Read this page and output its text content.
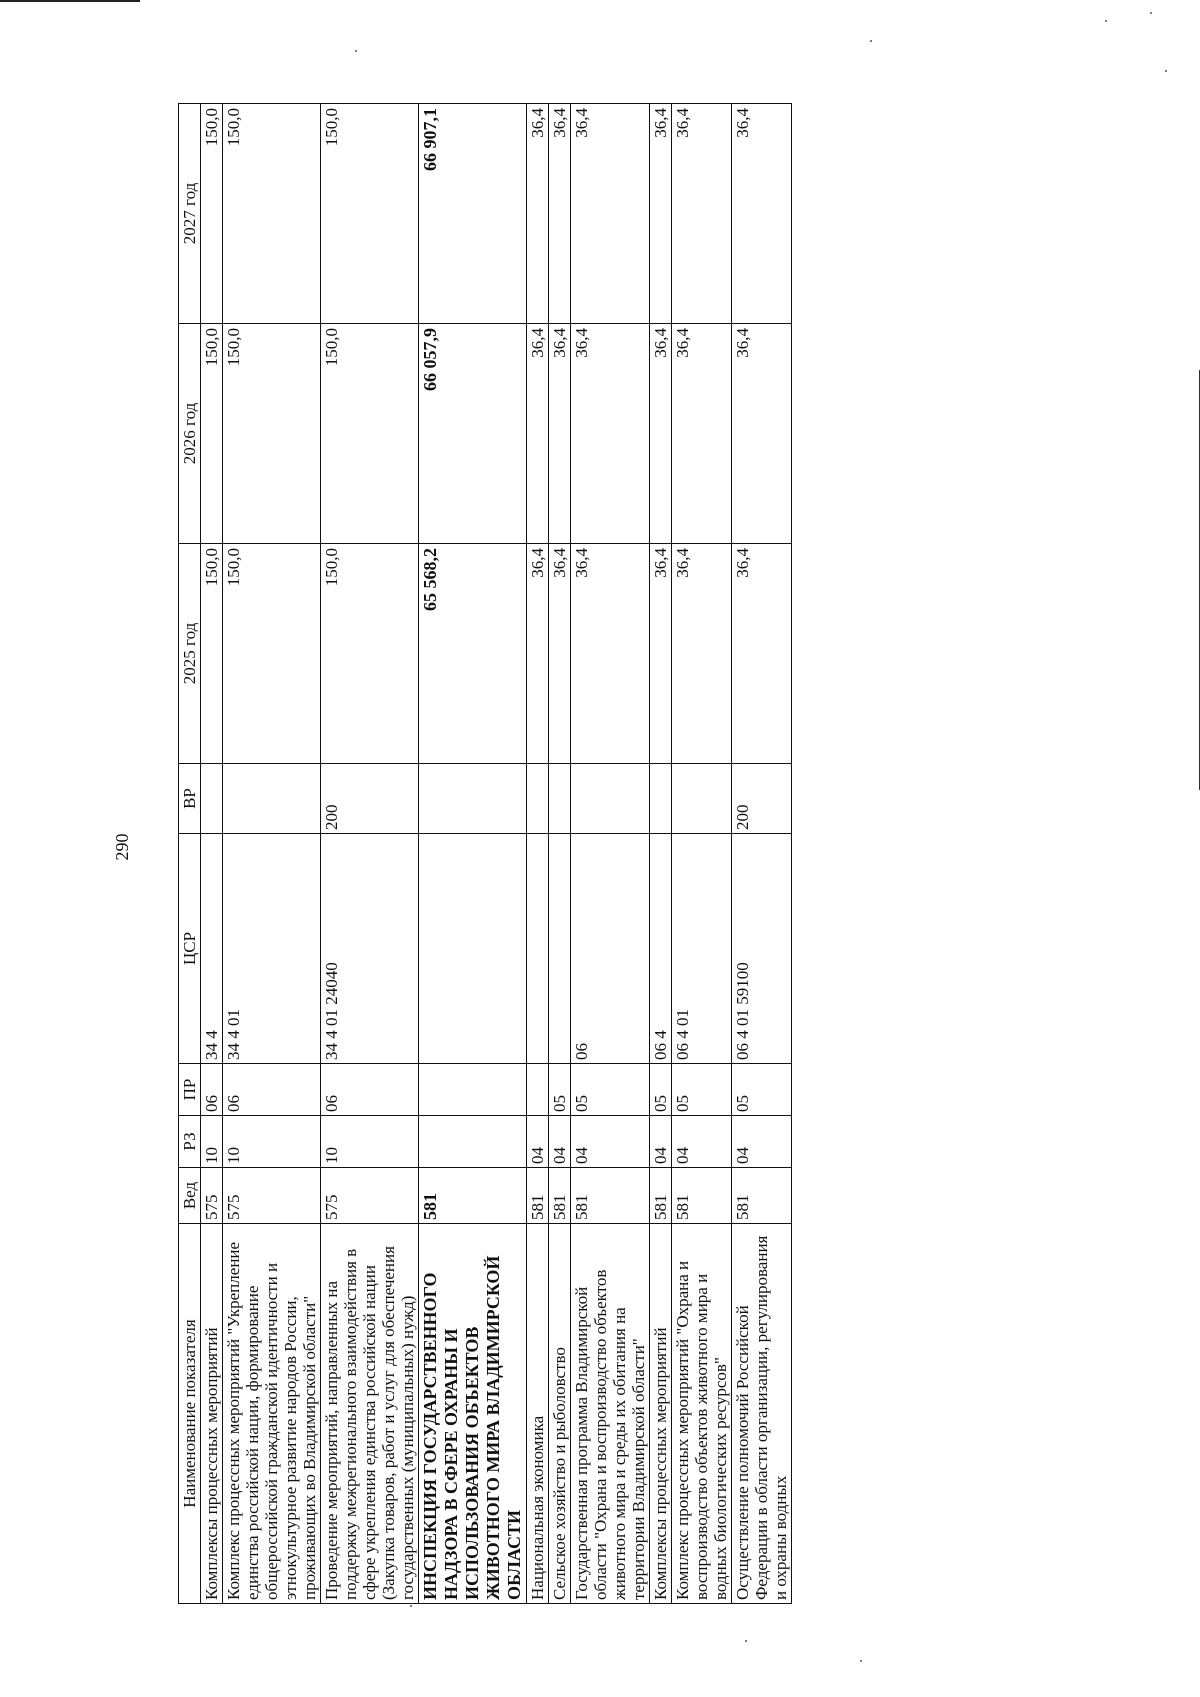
290
Наименование показателя	Вед	РЗ	ПР	ЦСР	ВР	2025 год	2026 год	2027 год
Комплексы процессных мероприятий	575	10	06	34 4		150,0	150,0	150,0
Комплекс процессных мероприятий "Укрепление единства российской нации, формирование общероссийской гражданской идентичности и этнокультурное развитие народов России, проживающих во Владимирской области"	575	10	06	34 4 01		150,0	150,0	150,0
Проведение мероприятий, направленных на поддержку межрегионального взаимодействия в сфере укрепления единства российской нации (Закупка товаров, работ и услуг для обеспечения государственных (муниципальных) нужд)	575	10	06	34 4 01 24040	200	150,0	150,0	150,0
ИНСПЕКЦИЯ ГОСУДАРСТВЕННОГО НАДЗОРА В СФЕРЕ ОХРАНЫ И ИСПОЛЬЗОВАНИЯ ОБЪЕКТОВ ЖИВОТНОГО МИРА ВЛАДИМИРСКОЙ ОБЛАСТИ	581					65 568,2	66 057,9	66 907,1
Национальная экономика	581	04				36,4	36,4	36,4
Сельское хозяйство и рыболовство	581	04	05			36,4	36,4	36,4
Государственная программа Владимирской области "Охрана и воспроизводство объектов животного мира и среды их обитания на территории Владимирской области"	581	04	05	06		36,4	36,4	36,4
Комплексы процессных мероприятий	581	04	05	06 4		36,4	36,4	36,4
Комплекс процессных мероприятий "Охрана и воспроизводство объектов животного мира и водных биологических ресурсов"	581	04	05	06 4 01		36,4	36,4	36,4
Осуществление полномочий Российской Федерации в области организации, регулирования и охраны водных	581	04	05	06 4 01 59100	200	36,4	36,4	36,4
